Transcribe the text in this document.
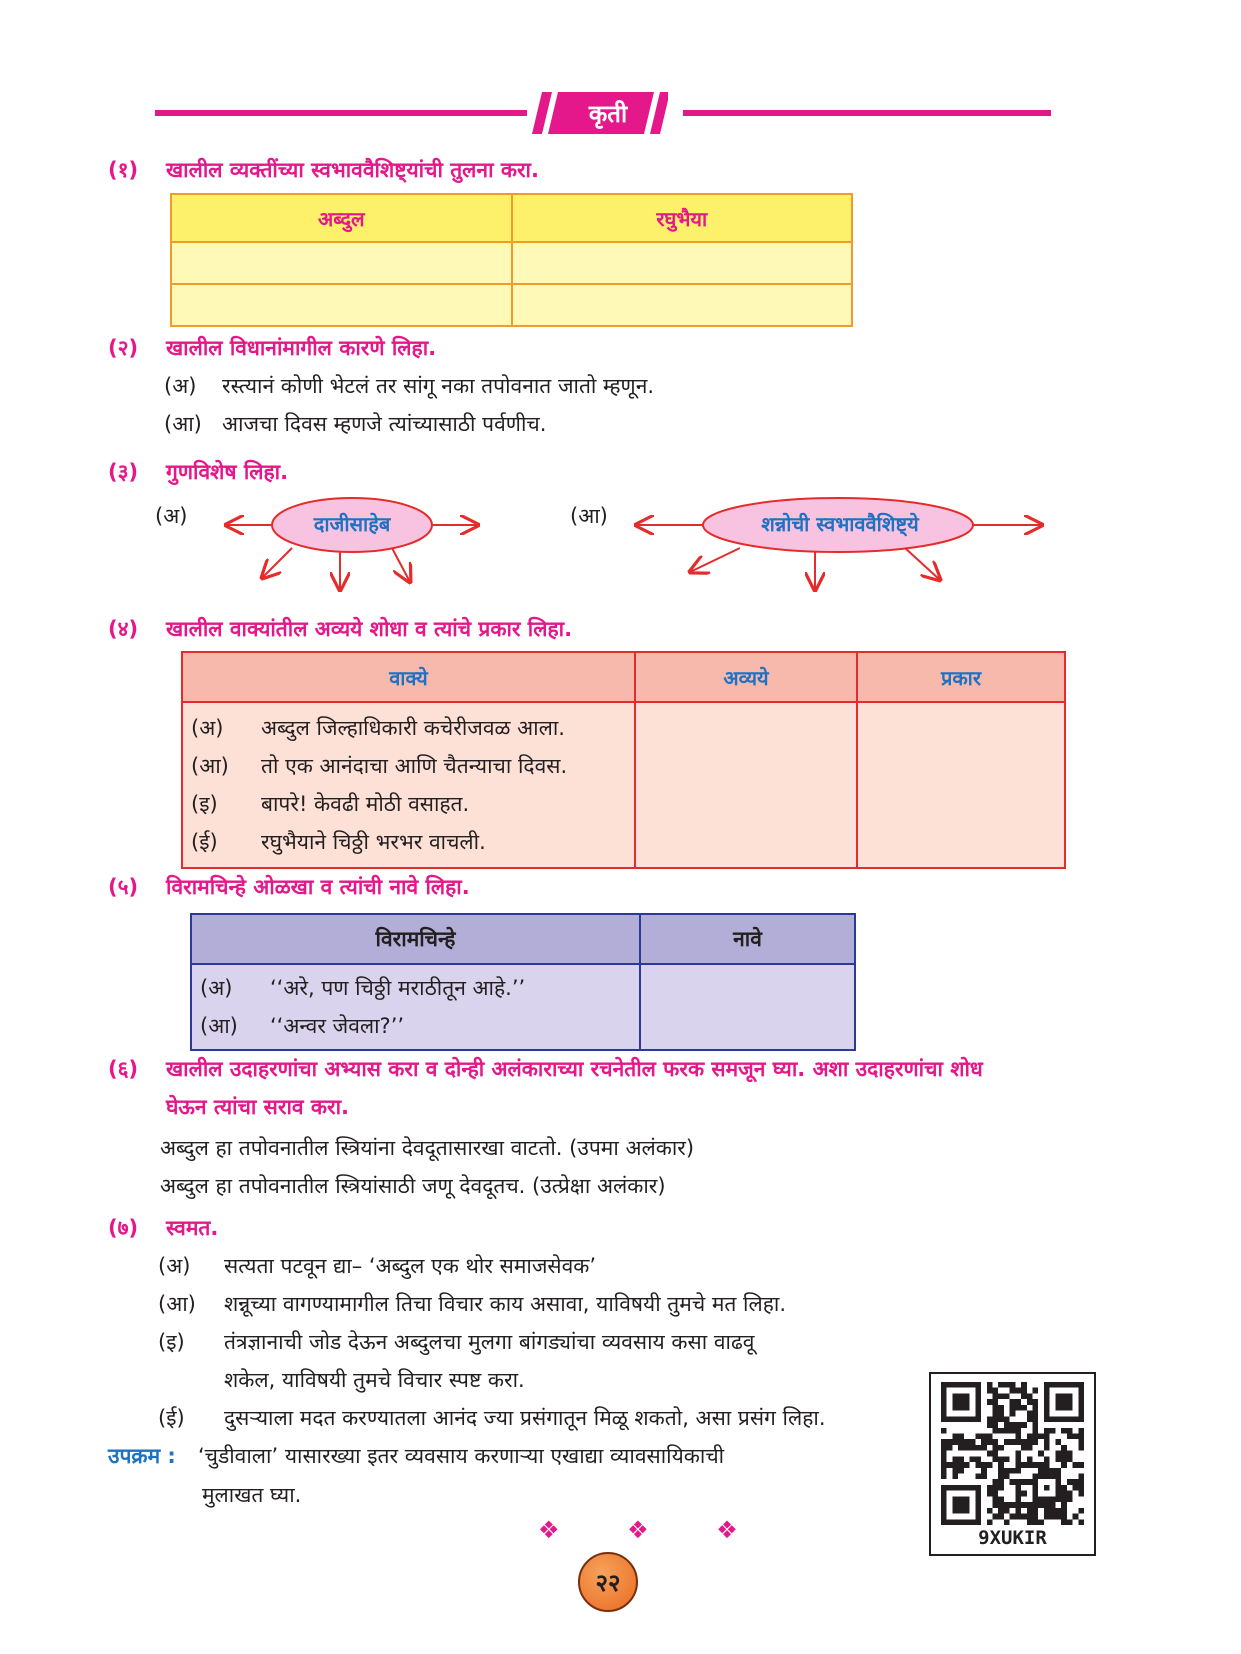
कृती
(१) खालील व्यक्तींच्या स्वभाववैशिष्ट्यांची तुलना करा.
अब्दुल	रघुभैया

(२) खालील विधानांमागील कारणे लिहा.
(अ) रस्त्यानं कोणी भेटलं तर सांगू नका तपोवनात जातो म्हणून.
(आ) आजचा दिवस म्हणजे त्यांच्यासाठी पर्वणीच.
(३) गुणविशेष लिहा.
(अ)	(आ)
दाजीसाहेब	शन्नोची स्वभाववैशिष्ट्ये
(४) खालील वाक्यांतील अव्यये शोधा व त्यांचे प्रकार लिहा.
वाक्ये	अव्यये	प्रकार

(अ) अब्दुल जिल्हाधिकारी कचेरीजवळ आला.
(आ) तो एक आनंदाचा आणि चैतन्याचा दिवस.
(इ) बापरे! केवढी मोठी वसाहत.
(ई) रघुभैयाने चिठ्ठी भरभर वाचली.		

(५) विरामचिन्हे ओळखा व त्यांची नावे लिहा.
विरामचिन्हे	नावे

(अ) ‘‘अरे, पण चिठ्ठी मराठीतून आहे.’’
(आ) ‘‘अन्वर जेवला?’’	

(६) खालील उदाहरणांचा अभ्यास करा व दोन्ही अलंकाराच्या रचनेतील फरक समजून घ्या. अशा उदाहरणांचा शोध
घेऊन त्यांचा सराव करा.
अब्दुल हा तपोवनातील स्त्रियांना देवदूतासारखा वाटतो. (उपमा अलंकार)
अब्दुल हा तपोवनातील स्त्रियांसाठी जणू देवदूतच. (उत्प्रेक्षा अलंकार)
(७) स्वमत.
(अ) सत्यता पटवून द्या– ‘अब्दुल एक थोर समाजसेवक’
(आ) शन्नूच्या वागण्यामागील तिचा विचार काय असावा, याविषयी तुमचे मत लिहा.
(इ) तंत्रज्ञानाची जोड देऊन अब्दुलचा मुलगा बांगड्यांचा व्यवसाय कसा वाढवू
शकेल, याविषयी तुमचे विचार स्पष्ट करा.
(ई) दुसऱ्याला मदत करण्यातला आनंद ज्या प्रसंगातून मिळू शकतो, असा प्रसंग लिहा.
उपक्रम : ‘चुडीवाला’ यासारख्या इतर व्यवसाय करणाऱ्या एखाद्या व्यावसायिकाची
मुलाखत घ्या.
9XUKIR
❖ ❖ ❖
२२
